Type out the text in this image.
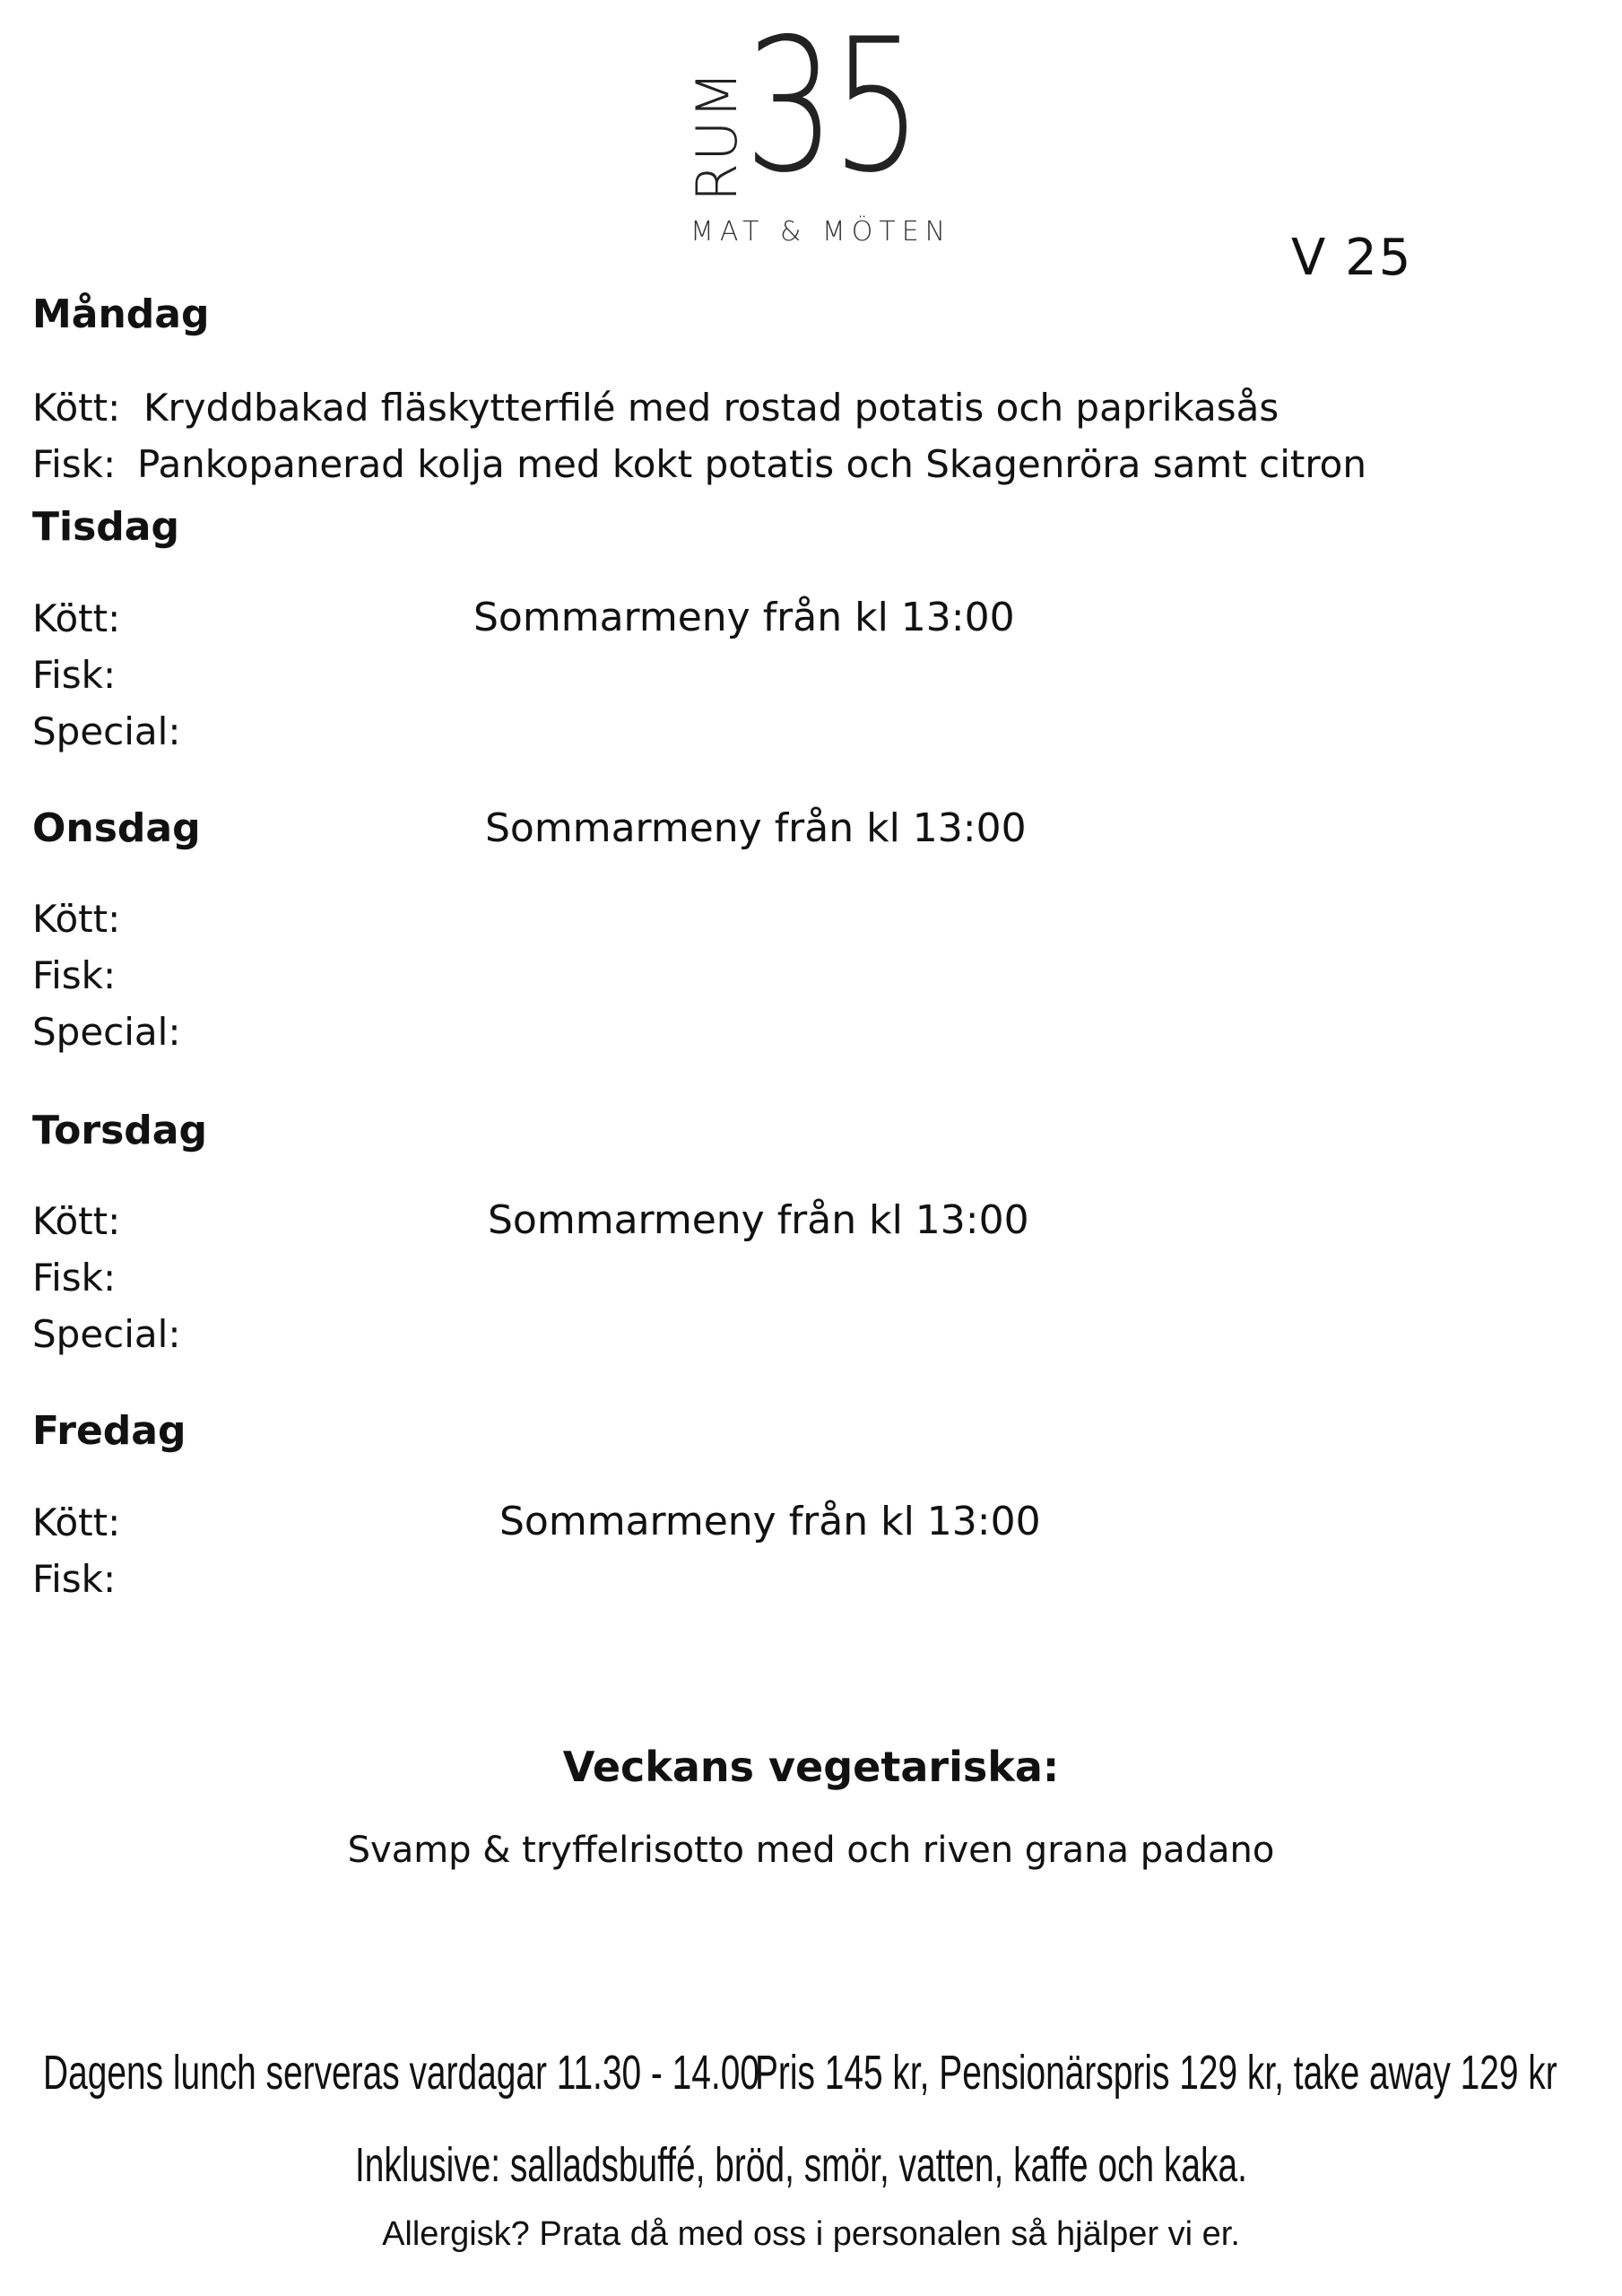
RUM
35
MAT & MÖTEN	V 25
Måndag
Kött: Kryddbakad fläskytterfilé med rostad potatis och paprikasås
Fisk: Pankopanerad kolja med kokt potatis och Skagenröra samt citron
Tisdag
Kött:	Sommarmeny från kl 13:00
Fisk:
Special:
Onsdag	Sommarmeny från kl 13:00
Kött:
Fisk:
Special:
Torsdag
Kött:	Sommarmeny från kl 13:00
Fisk:
Special:
Fredag
Kött:	Sommarmeny från kl 13:00
Fisk:
Veckans vegetariska:
Svamp & tryffelrisotto med och riven grana padano
Dagens lunch serveras vardagar 11.30 - 14.00
Pris 145 kr, Pensionärspris 129 kr, take away 129 kr
Inklusive: salladsbuffé, bröd, smör, vatten, kaffe och kaka.
Allergisk? Prata då med oss i personalen så hjälper vi er.
